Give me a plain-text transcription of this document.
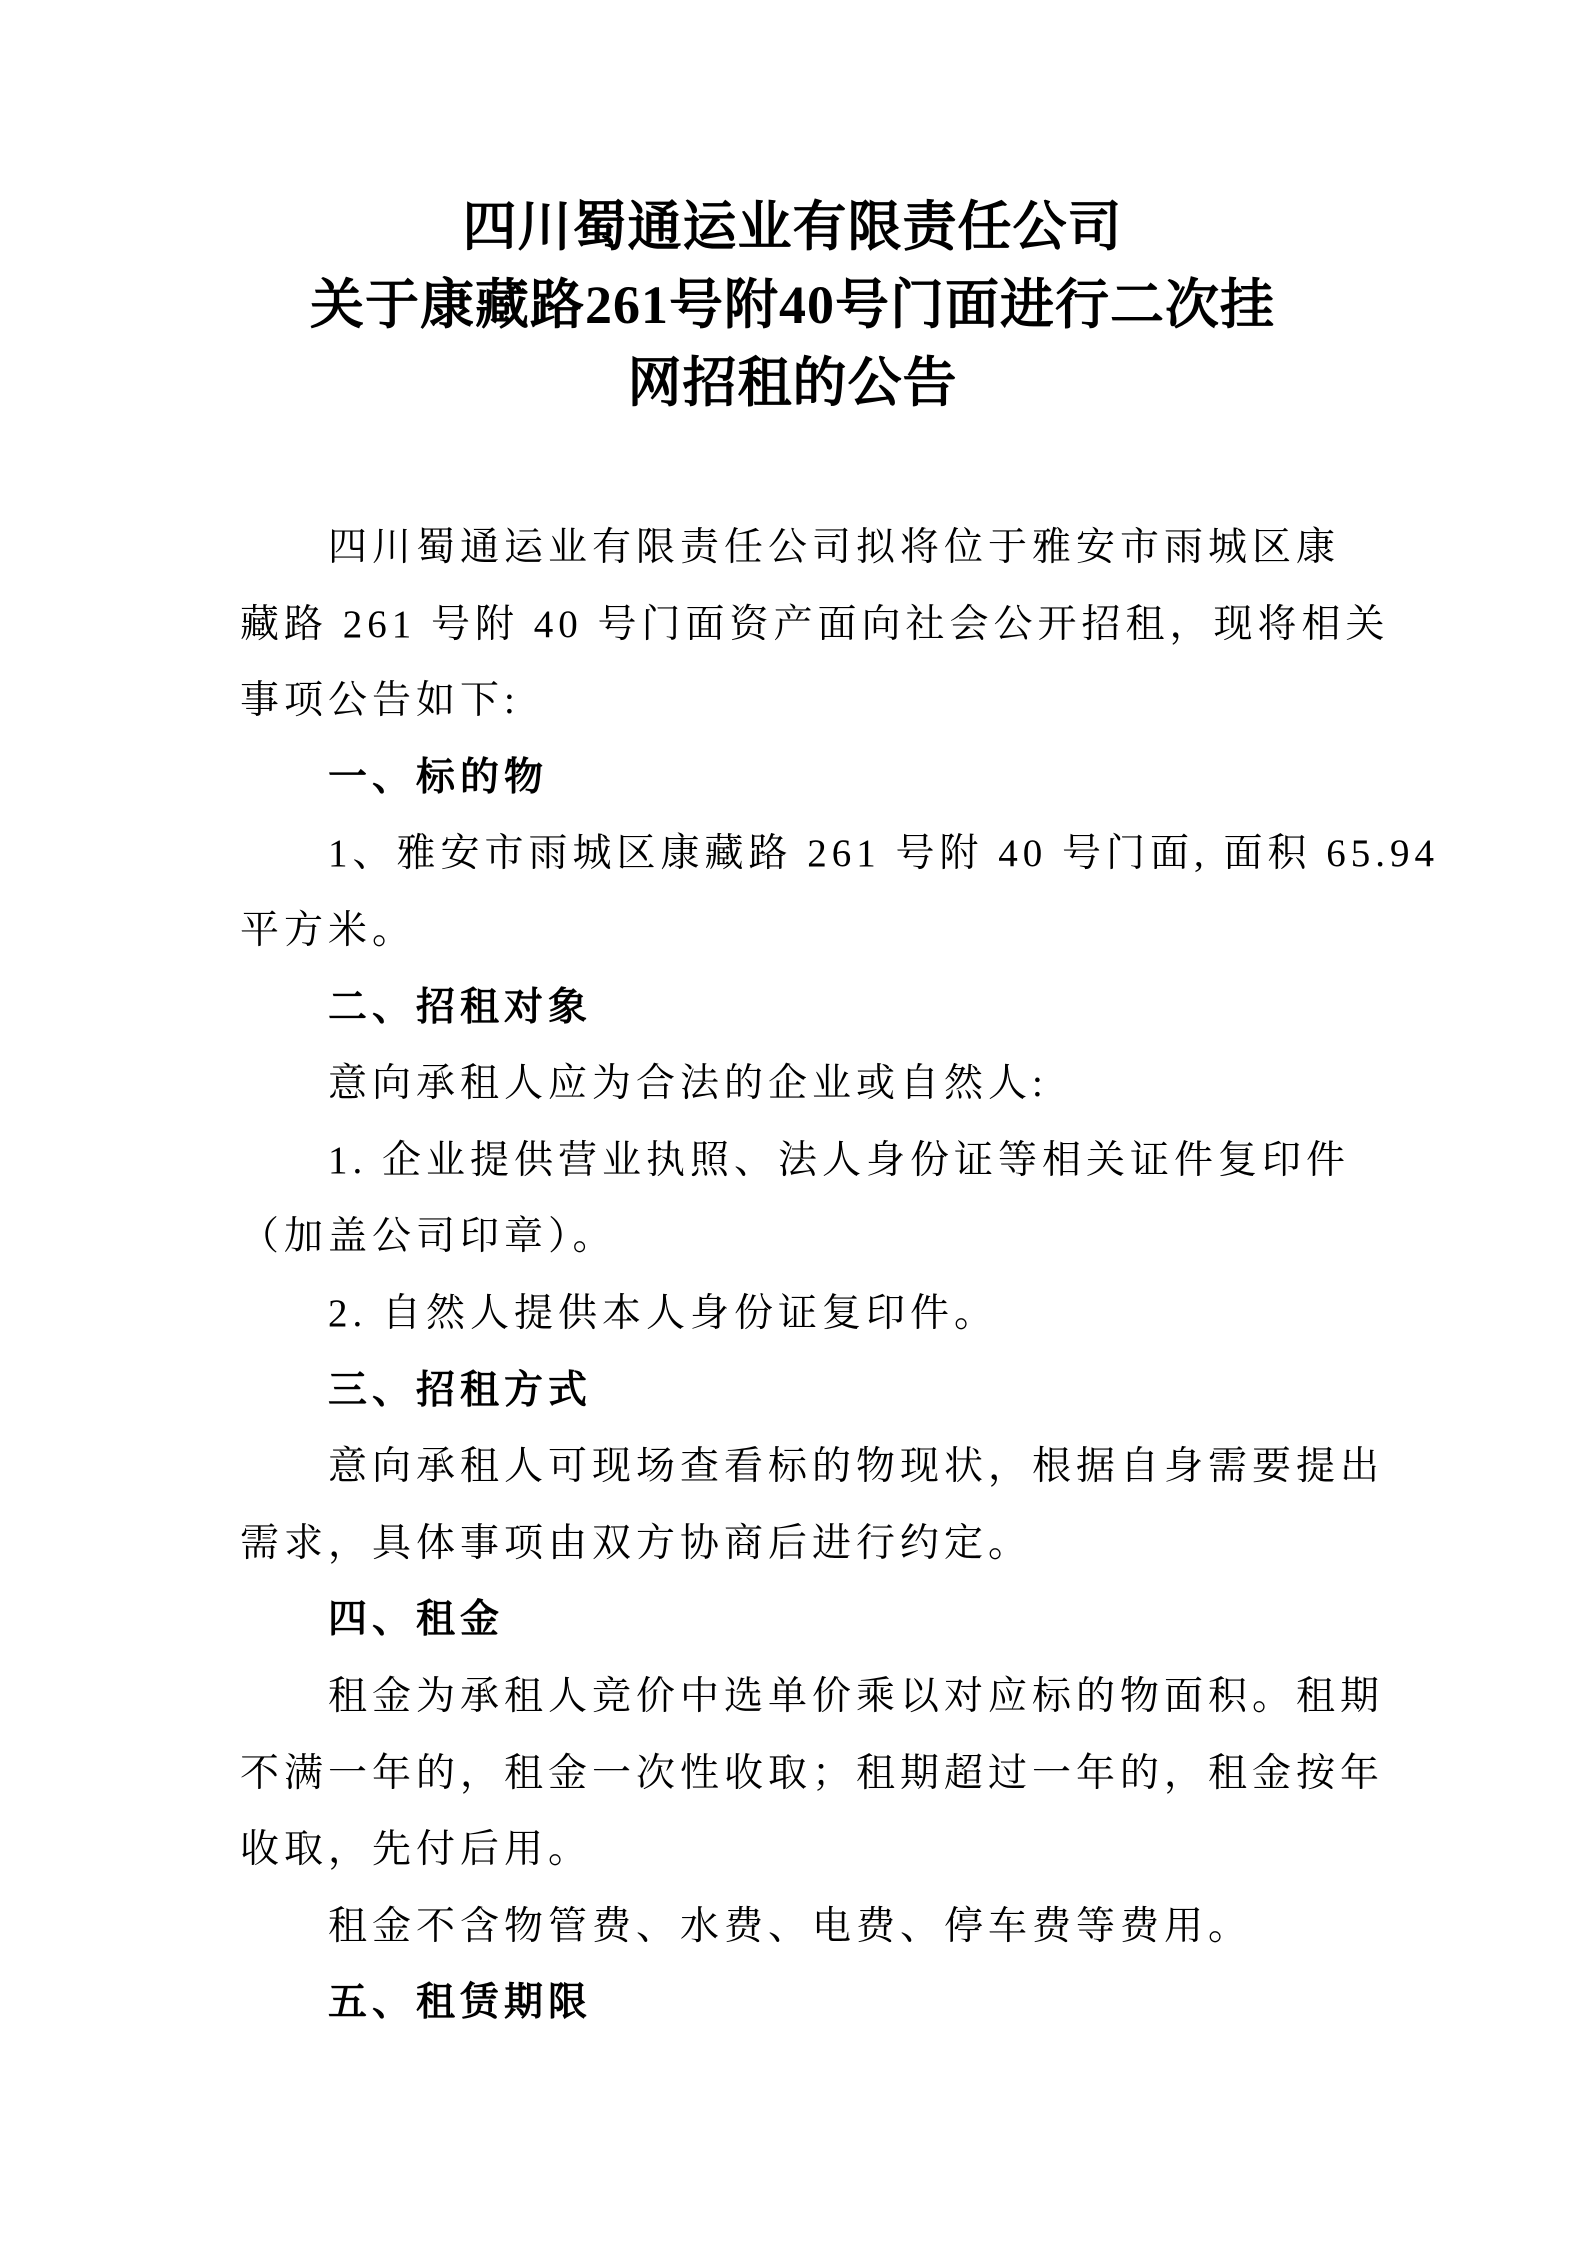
四川蜀通运业有限责任公司
关于康藏路261号附40号门面进行二次挂
网招租的公告

四川蜀通运业有限责任公司拟将位于雅安市雨城区康
藏路 261 号附 40 号门面资产面向社会公开招租，现将相关
事项公告如下:

一、标的物

1、雅安市雨城区康藏路 261 号附 40 号门面, 面积 65.94
平方米。

二、招租对象

意向承租人应为合法的企业或自然人:

1. 企业提供营业执照、法人身份证等相关证件复印件
（加盖公司印章）。

2. 自然人提供本人身份证复印件。

三、招租方式

意向承租人可现场查看标的物现状，根据自身需要提出
需求，具体事项由双方协商后进行约定。

四、租金

租金为承租人竞价中选单价乘以对应标的物面积。租期
不满一年的，租金一次性收取；租期超过一年的，租金按年
收取，先付后用。

租金不含物管费、水费、电费、停车费等费用。

五、租赁期限
